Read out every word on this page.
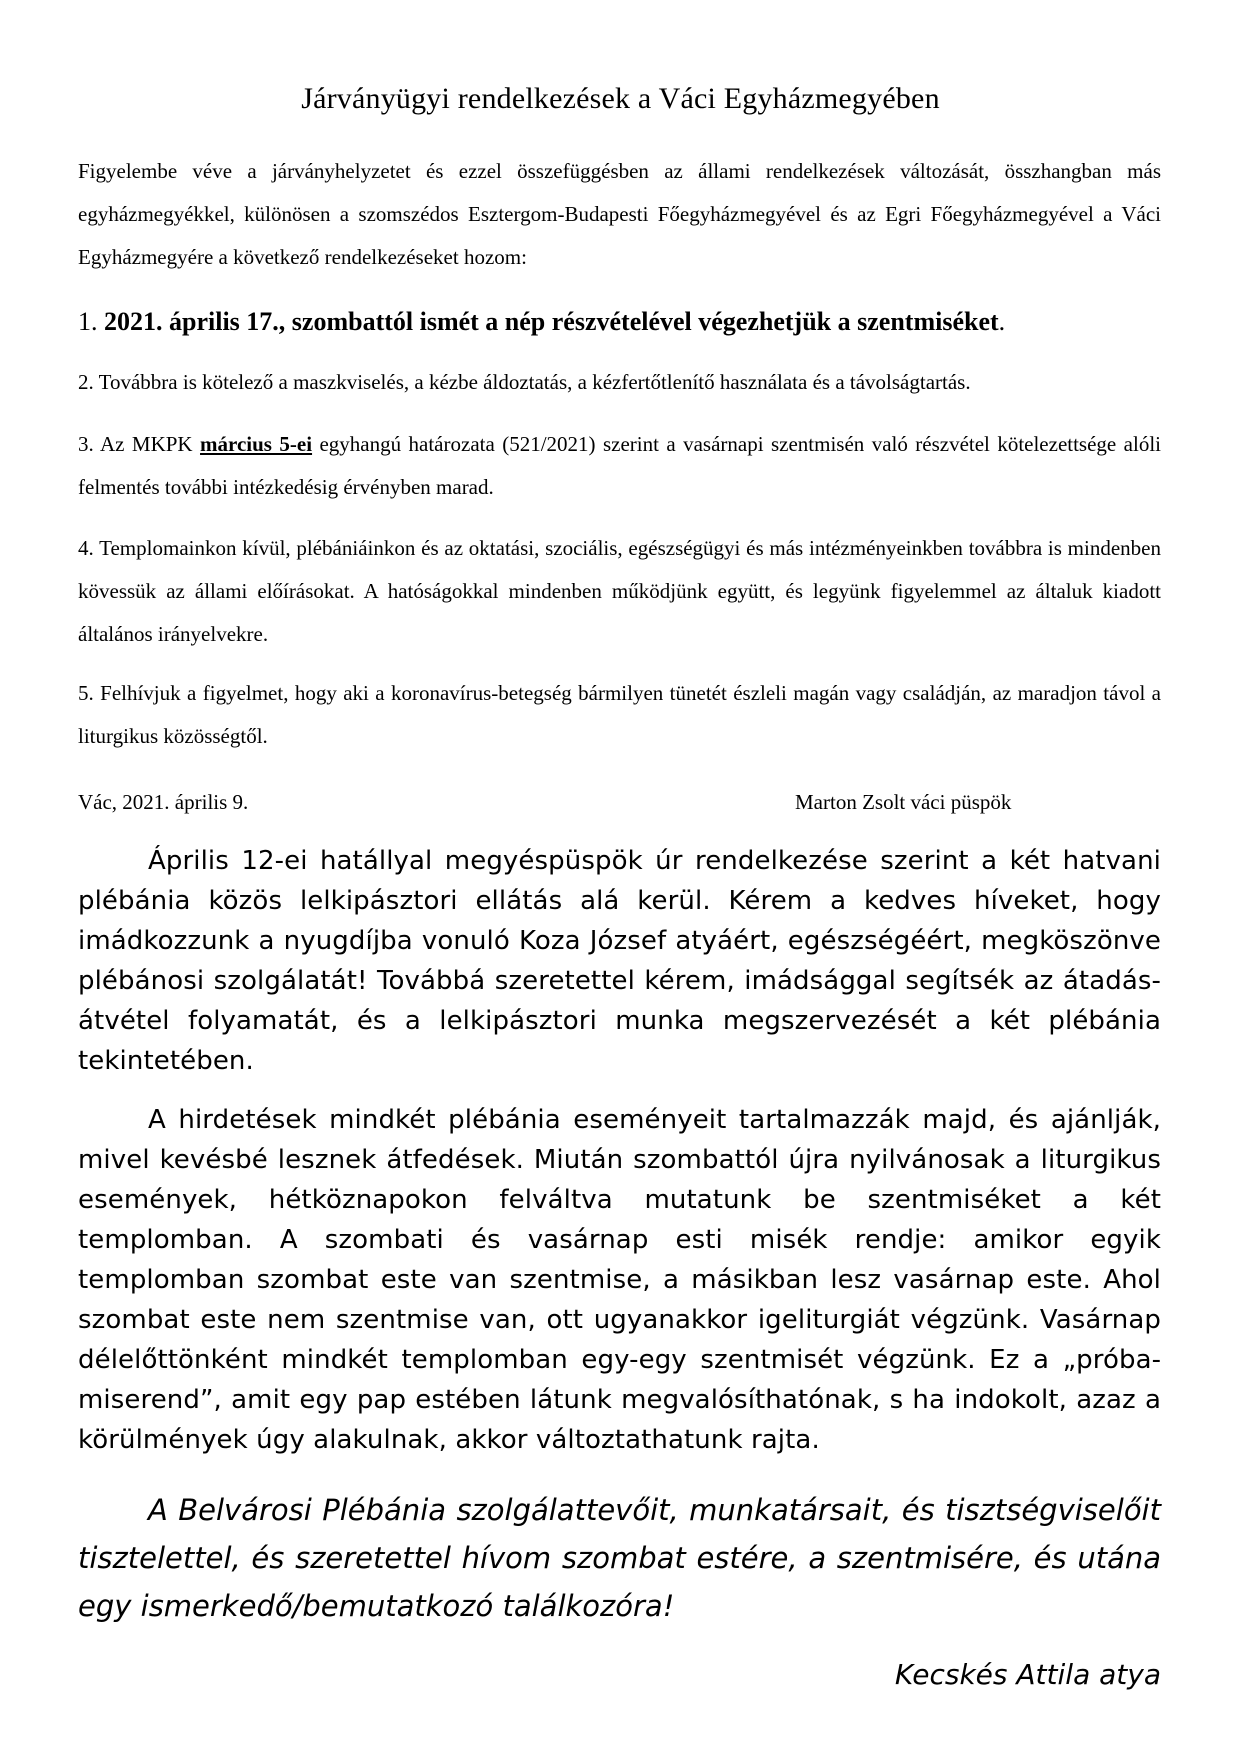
Járványügyi rendelkezések a Váci Egyházmegyében
Figyelembe véve a járványhelyzetet és ezzel összefüggésben az állami rendelkezések változását, összhangban más egyházmegyékkel, különösen a szomszédos Esztergom-Budapesti Főegyházmegyével és az Egri Főegyházmegyével a Váci Egyházmegyére a következő rendelkezéseket hozom:
1. 2021. április 17., szombattól ismét a nép részvételével végezhetjük a szentmiséket.
2. Továbbra is kötelező a maszkviselés, a kézbe áldoztatás, a kézfertőtlenítő használata és a távolságtartás.
3. Az MKPK március 5-ei egyhangú határozata (521/2021) szerint a vasárnapi szentmisén való részvétel kötelezettsége alóli felmentés további intézkedésig érvényben marad.
4. Templomainkon kívül, plébániáinkon és az oktatási, szociális, egészségügyi és más intézményeinkben továbbra is mindenben kövessük az állami előírásokat. A hatóságokkal mindenben működjünk együtt, és legyünk figyelemmel az általuk kiadott általános irányelvekre.
5. Felhívjuk a figyelmet, hogy aki a koronavírus-betegség bármilyen tünetét észleli magán vagy családján, az maradjon távol a liturgikus közösségtől.
Vác, 2021. április 9.	Marton Zsolt váci püspök
Április 12-ei hatállyal megyéspüspök úr rendelkezése szerint a két hatvani plébánia közös lelkipásztori ellátás alá kerül. Kérem a kedves híveket, hogy imádkozzunk a nyugdíjba vonuló Koza József atyáért, egészségéért, megköszönve plébánosi szolgálatát! Továbbá szeretettel kérem, imádsággal segítsék az átadás-átvétel folyamatát, és a lelkipásztori munka megszervezését a két plébánia tekintetében.
A hirdetések mindkét plébánia eseményeit tartalmazzák majd, és ajánlják, mivel kevésbé lesznek átfedések. Miután szombattól újra nyilvánosak a liturgikus események, hétköznapokon felváltva mutatunk be szentmiséket a két templomban. A szombati és vasárnap esti misék rendje: amikor egyik templomban szombat este van szentmise, a másikban lesz vasárnap este. Ahol szombat este nem szentmise van, ott ugyanakkor igeliturgiát végzünk. Vasárnap délelőttönként mindkét templomban egy-egy szentmisét végzünk. Ez a „próbamiserend”, amit egy pap estében látunk megvalósíthatónak, s ha indokolt, azaz a körülmények úgy alakulnak, akkor változtathatunk rajta.
A Belvárosi Plébánia szolgálattevőit, munkatársait, és tisztségviselőit tisztelettel, és szeretettel hívom szombat estére, a szentmisére, és utána egy ismerkedő/bemutatkozó találkozóra!
Kecskés Attila atya
